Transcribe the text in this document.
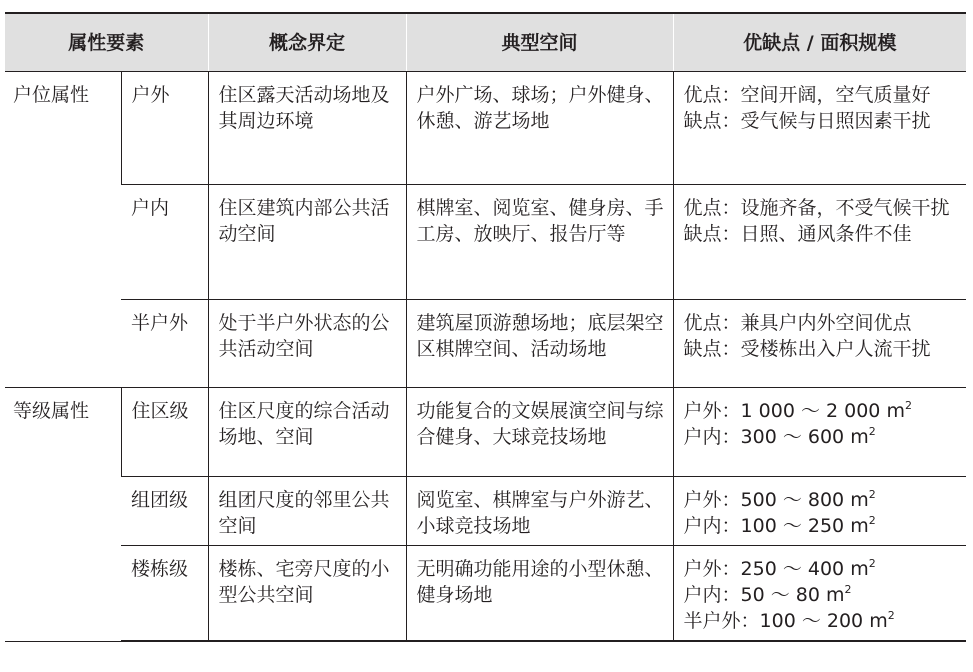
属性要素		概念界定	典型空间	优缺点 / 面积规模
户位属性	户外	住区露天活动场地及其周边环境	户外广场、球场；户外健身、休憩、游艺场地	优点：空间开阔，空气质量好
缺点：受气候与日照因素干扰

	户内	住区建筑内部公共活动空间	棋牌室、阅览室、健身房、手工房、放映厅、报告厅等	优点：设施齐备，不受气候干扰
缺点：日照、通风条件不佳

	半户外	处于半户外状态的公共活动空间	建筑屋顶游憩场地；底层架空区棋牌空间、活动场地	优点：兼具户内外空间优点
缺点：受楼栋出入户人流干扰

等级属性	住区级	住区尺度的综合活动场地、空间	功能复合的文娱展演空间与综合健身、大球竞技场地	户外：1 000 ～ 2 000 $m^2$
户内：300 ～ 600 $m^2$

	组团级	组团尺度的邻里公共空间	阅览室、棋牌室与户外游艺、小球竞技场地	户外：500 ～ 800 $m^2$
户内：100 ～ 250 $m^2$

	楼栋级	楼栋、宅旁尺度的小型公共空间	无明确功能用途的小型休憩、健身场地	户外：250 ～ 400 $m^2$
户内：50 ～ 80 $m^2$
半户外：100 ～ 200 $m^2$
